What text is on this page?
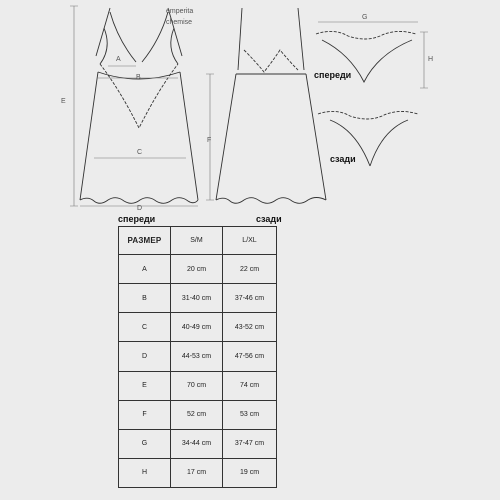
emperita
chemise
A
B
C
D
E
F
G
H
спереди
сзади
спереди	сзади
РАЗМЕР	S/M	L/XL
A	20 cm	22 cm
B	31-40 cm	37-46 cm
C	40-49 cm	43-52 cm
D	44-53 cm	47-56 cm
E	70 cm	74 cm
F	52 cm	53 cm
G	34-44 cm	37-47 cm
H	17 cm	19 cm
